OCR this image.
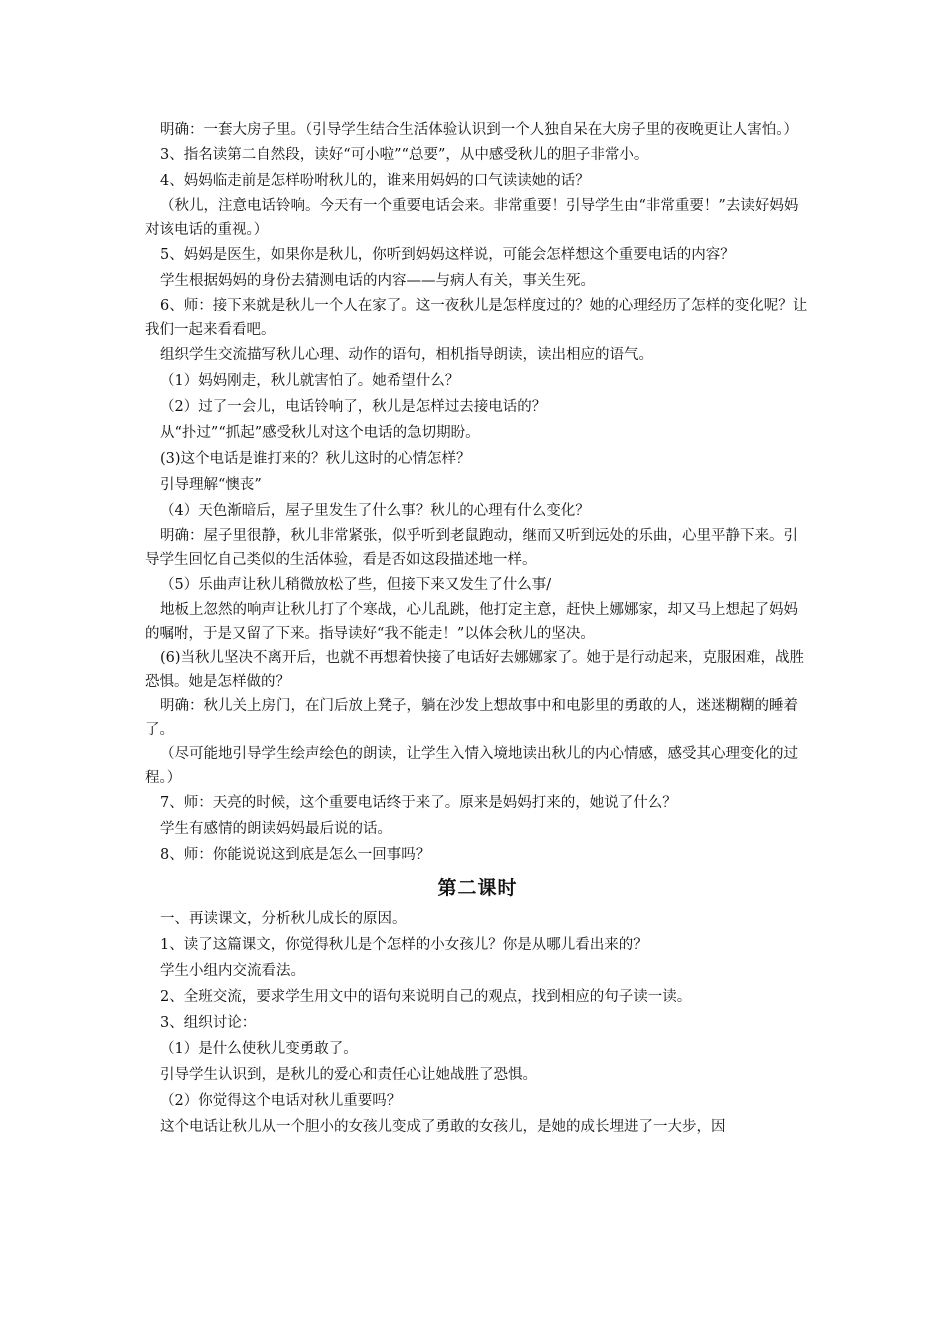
明确：一套大房子里。（引导学生结合生活体验认识到一个人独自呆在大房子里的夜晚更让人害怕。）

3、指名读第二自然段，读好“可小啦”“总要”，从中感受秋儿的胆子非常小。

4、妈妈临走前是怎样吩咐秋儿的，谁来用妈妈的口气读读她的话？

（秋儿，注意电话铃响。今天有一个重要电话会来。非常重要！引导学生由“非常重要！”去读好妈妈对该电话的重视。）

5、妈妈是医生，如果你是秋儿，你听到妈妈这样说，可能会怎样想这个重要电话的内容？

学生根据妈妈的身份去猜测电话的内容——与病人有关，事关生死。

6、师：接下来就是秋儿一个人在家了。这一夜秋儿是怎样度过的？她的心理经历了怎样的变化呢？让我们一起来看看吧。

组织学生交流描写秋儿心理、动作的语句，相机指导朗读，读出相应的语气。

（1）妈妈刚走，秋儿就害怕了。她希望什么？

（2）过了一会儿，电话铃响了，秋儿是怎样过去接电话的？

从“扑过”“抓起”感受秋儿对这个电话的急切期盼。

(3)这个电话是谁打来的？秋儿这时的心情怎样？

引导理解“懊丧”

（4）天色渐暗后，屋子里发生了什么事？秋儿的心理有什么变化？

明确：屋子里很静，秋儿非常紧张，似乎听到老鼠跑动，继而又听到远处的乐曲，心里平静下来。引导学生回忆自己类似的生活体验，看是否如这段描述地一样。

（5）乐曲声让秋儿稍微放松了些，但接下来又发生了什么事/

地板上忽然的响声让秋儿打了个寒战，心儿乱跳，他打定主意，赶快上娜娜家，却又马上想起了妈妈的嘱咐，于是又留了下来。指导读好“我不能走！”以体会秋儿的坚决。

(6)当秋儿坚决不离开后，也就不再想着快接了电话好去娜娜家了。她于是行动起来，克服困难，战胜恐惧。她是怎样做的？

明确：秋儿关上房门，在门后放上凳子，躺在沙发上想故事中和电影里的勇敢的人，迷迷糊糊的睡着了。

（尽可能地引导学生绘声绘色的朗读，让学生入情入境地读出秋儿的内心情感，感受其心理变化的过程。）

7、师：天亮的时候，这个重要电话终于来了。原来是妈妈打来的，她说了什么？

学生有感情的朗读妈妈最后说的话。

8、师：你能说说这到底是怎么一回事吗？

第二课时

一、再读课文，分析秋儿成长的原因。

1、读了这篇课文，你觉得秋儿是个怎样的小女孩儿？你是从哪儿看出来的？

学生小组内交流看法。

2、全班交流，要求学生用文中的语句来说明自己的观点，找到相应的句子读一读。

3、组织讨论：

（1）是什么使秋儿变勇敢了。

引导学生认识到，是秋儿的爱心和责任心让她战胜了恐惧。

（2）你觉得这个电话对秋儿重要吗？

这个电话让秋儿从一个胆小的女孩儿变成了勇敢的女孩儿，是她的成长埋进了一大步，因
